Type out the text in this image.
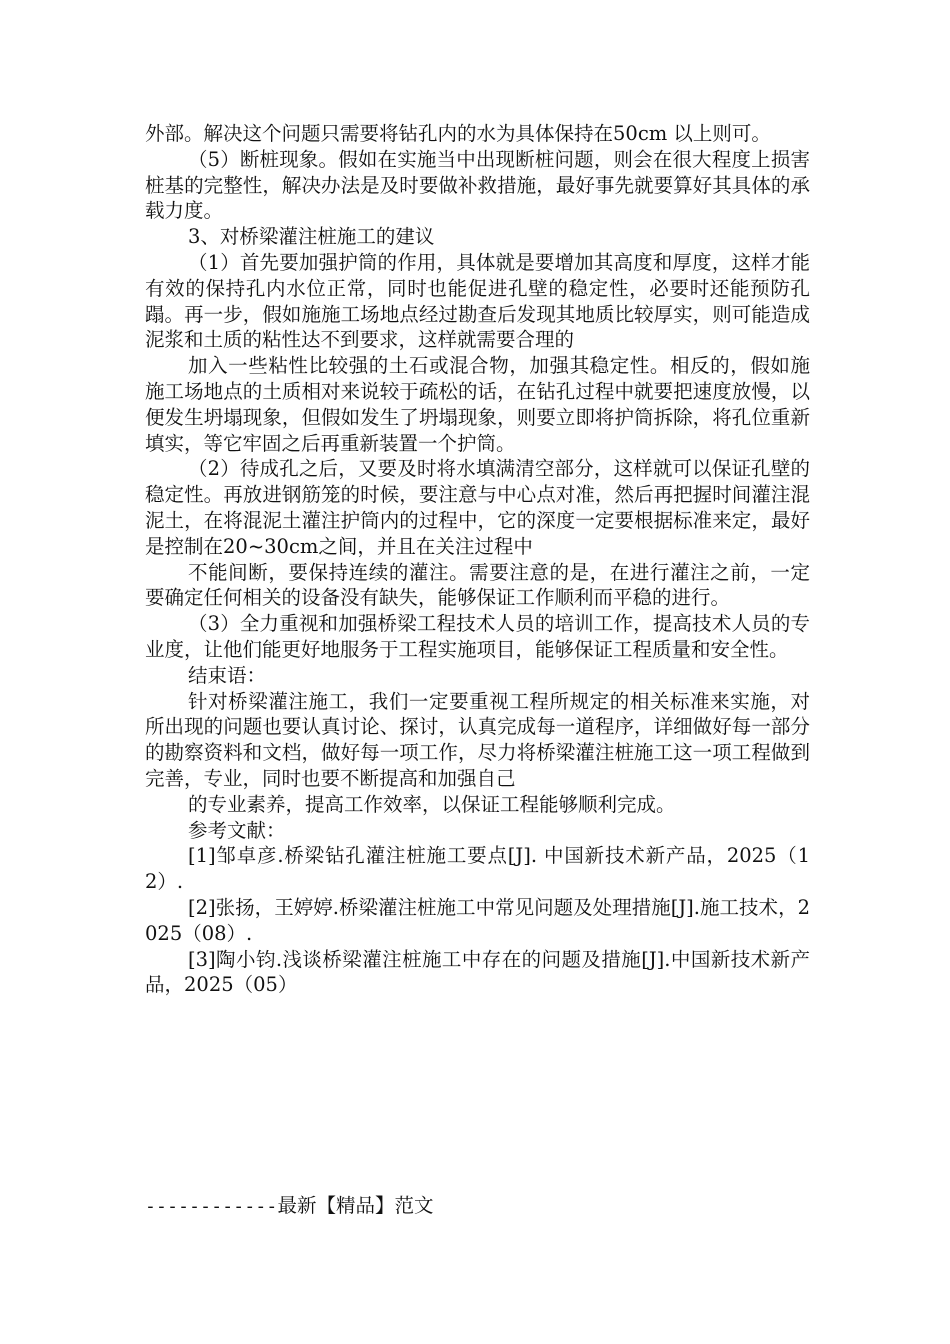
外部。解决这个问题只需要将钻孔内的水为具体保持在50cm 以上则可。

（5）断桩现象。假如在实施当中出现断桩问题，则会在很大程度上损害桩基的完整性，解决办法是及时要做补救措施，最好事先就要算好其具体的承载力度。

3、对桥梁灌注桩施工的建议

（1）首先要加强护筒的作用，具体就是要增加其高度和厚度，这样才能有效的保持孔内水位正常，同时也能促进孔壁的稳定性，必要时还能预防孔蹋。再一步，假如施施工场地点经过勘查后发现其地质比较厚实，则可能造成泥浆和土质的粘性达不到要求，这样就需要合理的

加入一些粘性比较强的土石或混合物，加强其稳定性。相反的，假如施施工场地点的土质相对来说较于疏松的话，在钻孔过程中就要把速度放慢，以便发生坍塌现象，但假如发生了坍塌现象，则要立即将护筒拆除，将孔位重新填实，等它牢固之后再重新装置一个护筒。

（2）待成孔之后，又要及时将水填满清空部分，这样就可以保证孔壁的稳定性。再放进钢筋笼的时候，要注意与中心点对准，然后再把握时间灌注混泥土，在将混泥土灌注护筒内的过程中，它的深度一定要根据标准来定，最好是控制在20~30cm之间，并且在关注过程中

不能间断，要保持连续的灌注。需要注意的是，在进行灌注之前，一定要确定任何相关的设备没有缺失，能够保证工作顺利而平稳的进行。

（3）全力重视和加强桥梁工程技术人员的培训工作，提高技术人员的专业度，让他们能更好地服务于工程实施项目，能够保证工程质量和安全性。

结束语：

针对桥梁灌注施工，我们一定要重视工程所规定的相关标准来实施，对所出现的问题也要认真讨论、探讨，认真完成每一道程序，详细做好每一部分的勘察资料和文档，做好每一项工作，尽力将桥梁灌注桩施工这一项工程做到完善，专业，同时也要不断提高和加强自己

的专业素养，提高工作效率，以保证工程能够顺利完成。

参考文献：

[1]邹卓彦.桥梁钻孔灌注桩施工要点[J]. 中国新技术新产品，2025（12）.

[2]张扬，王婷婷.桥梁灌注桩施工中常见问题及处理措施[J].施工技术，2025（08）.

[3]陶小钧.浅谈桥梁灌注桩施工中存在的问题及措施[J].中国新技术新产品，2025（05）

------------最新【精品】范文
